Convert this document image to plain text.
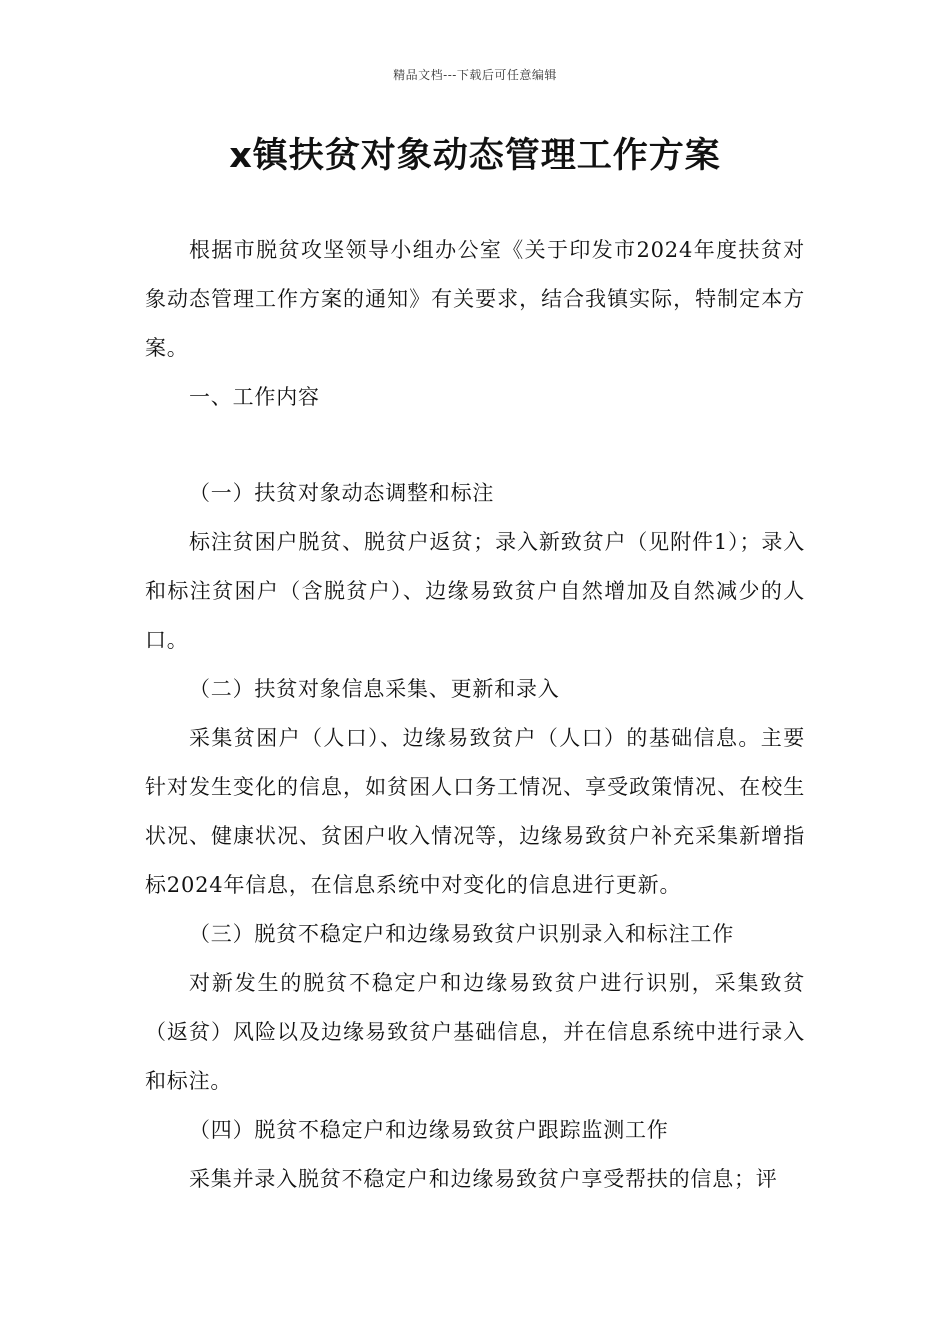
精品文档---下载后可任意编辑
x镇扶贫对象动态管理工作方案

根据市脱贫攻坚领导小组办公室《关于印发市2024年度扶贫对象动态管理工作方案的通知》有关要求，结合我镇实际，特制定本方案。

一、工作内容

（一）扶贫对象动态调整和标注

标注贫困户脱贫、脱贫户返贫；录入新致贫户（见附件1）；录入和标注贫困户（含脱贫户）、边缘易致贫户自然增加及自然减少的人口。

（二）扶贫对象信息采集、更新和录入

采集贫困户（人口）、边缘易致贫户（人口）的基础信息。主要针对发生变化的信息，如贫困人口务工情况、享受政策情况、在校生状况、健康状况、贫困户收入情况等，边缘易致贫户补充采集新增指标2024年信息，在信息系统中对变化的信息进行更新。

（三）脱贫不稳定户和边缘易致贫户识别录入和标注工作

对新发生的脱贫不稳定户和边缘易致贫户进行识别，采集致贫（返贫）风险以及边缘易致贫户基础信息，并在信息系统中进行录入和标注。

（四）脱贫不稳定户和边缘易致贫户跟踪监测工作

采集并录入脱贫不稳定户和边缘易致贫户享受帮扶的信息；评
